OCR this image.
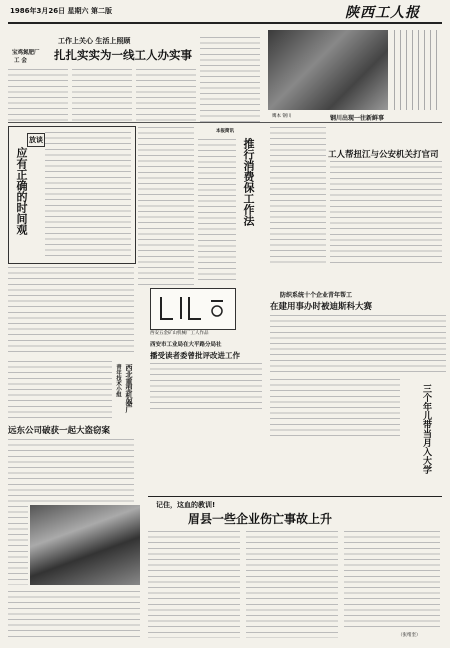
1986年3月26日 星期六 第二版	陕西工人报
工作上关心 生活上照顾
宝鸡氮肥厂
工 会 扎扎实实为一线工人办实事
鹰本 钢川	钢川出现一往新鲜事
应有正确的时间观
放谈
本报简讯
推行消费保工作法	工人帮扭江与公安机关打官司
西安五金矿山机械厂工人作品
防织系统十个企业青年帮工
在建用事办时被迪斯科大赛
西安市工业局在大平路分局社
播受读者委曾批评改进工作
西北重型机器厂
青年技术小组
远东公司破获一起大盗窃案	三个年儿带当月入大学
记住，这血的教训!
眉县一些企业伤亡事故上升
（张绪奎）
